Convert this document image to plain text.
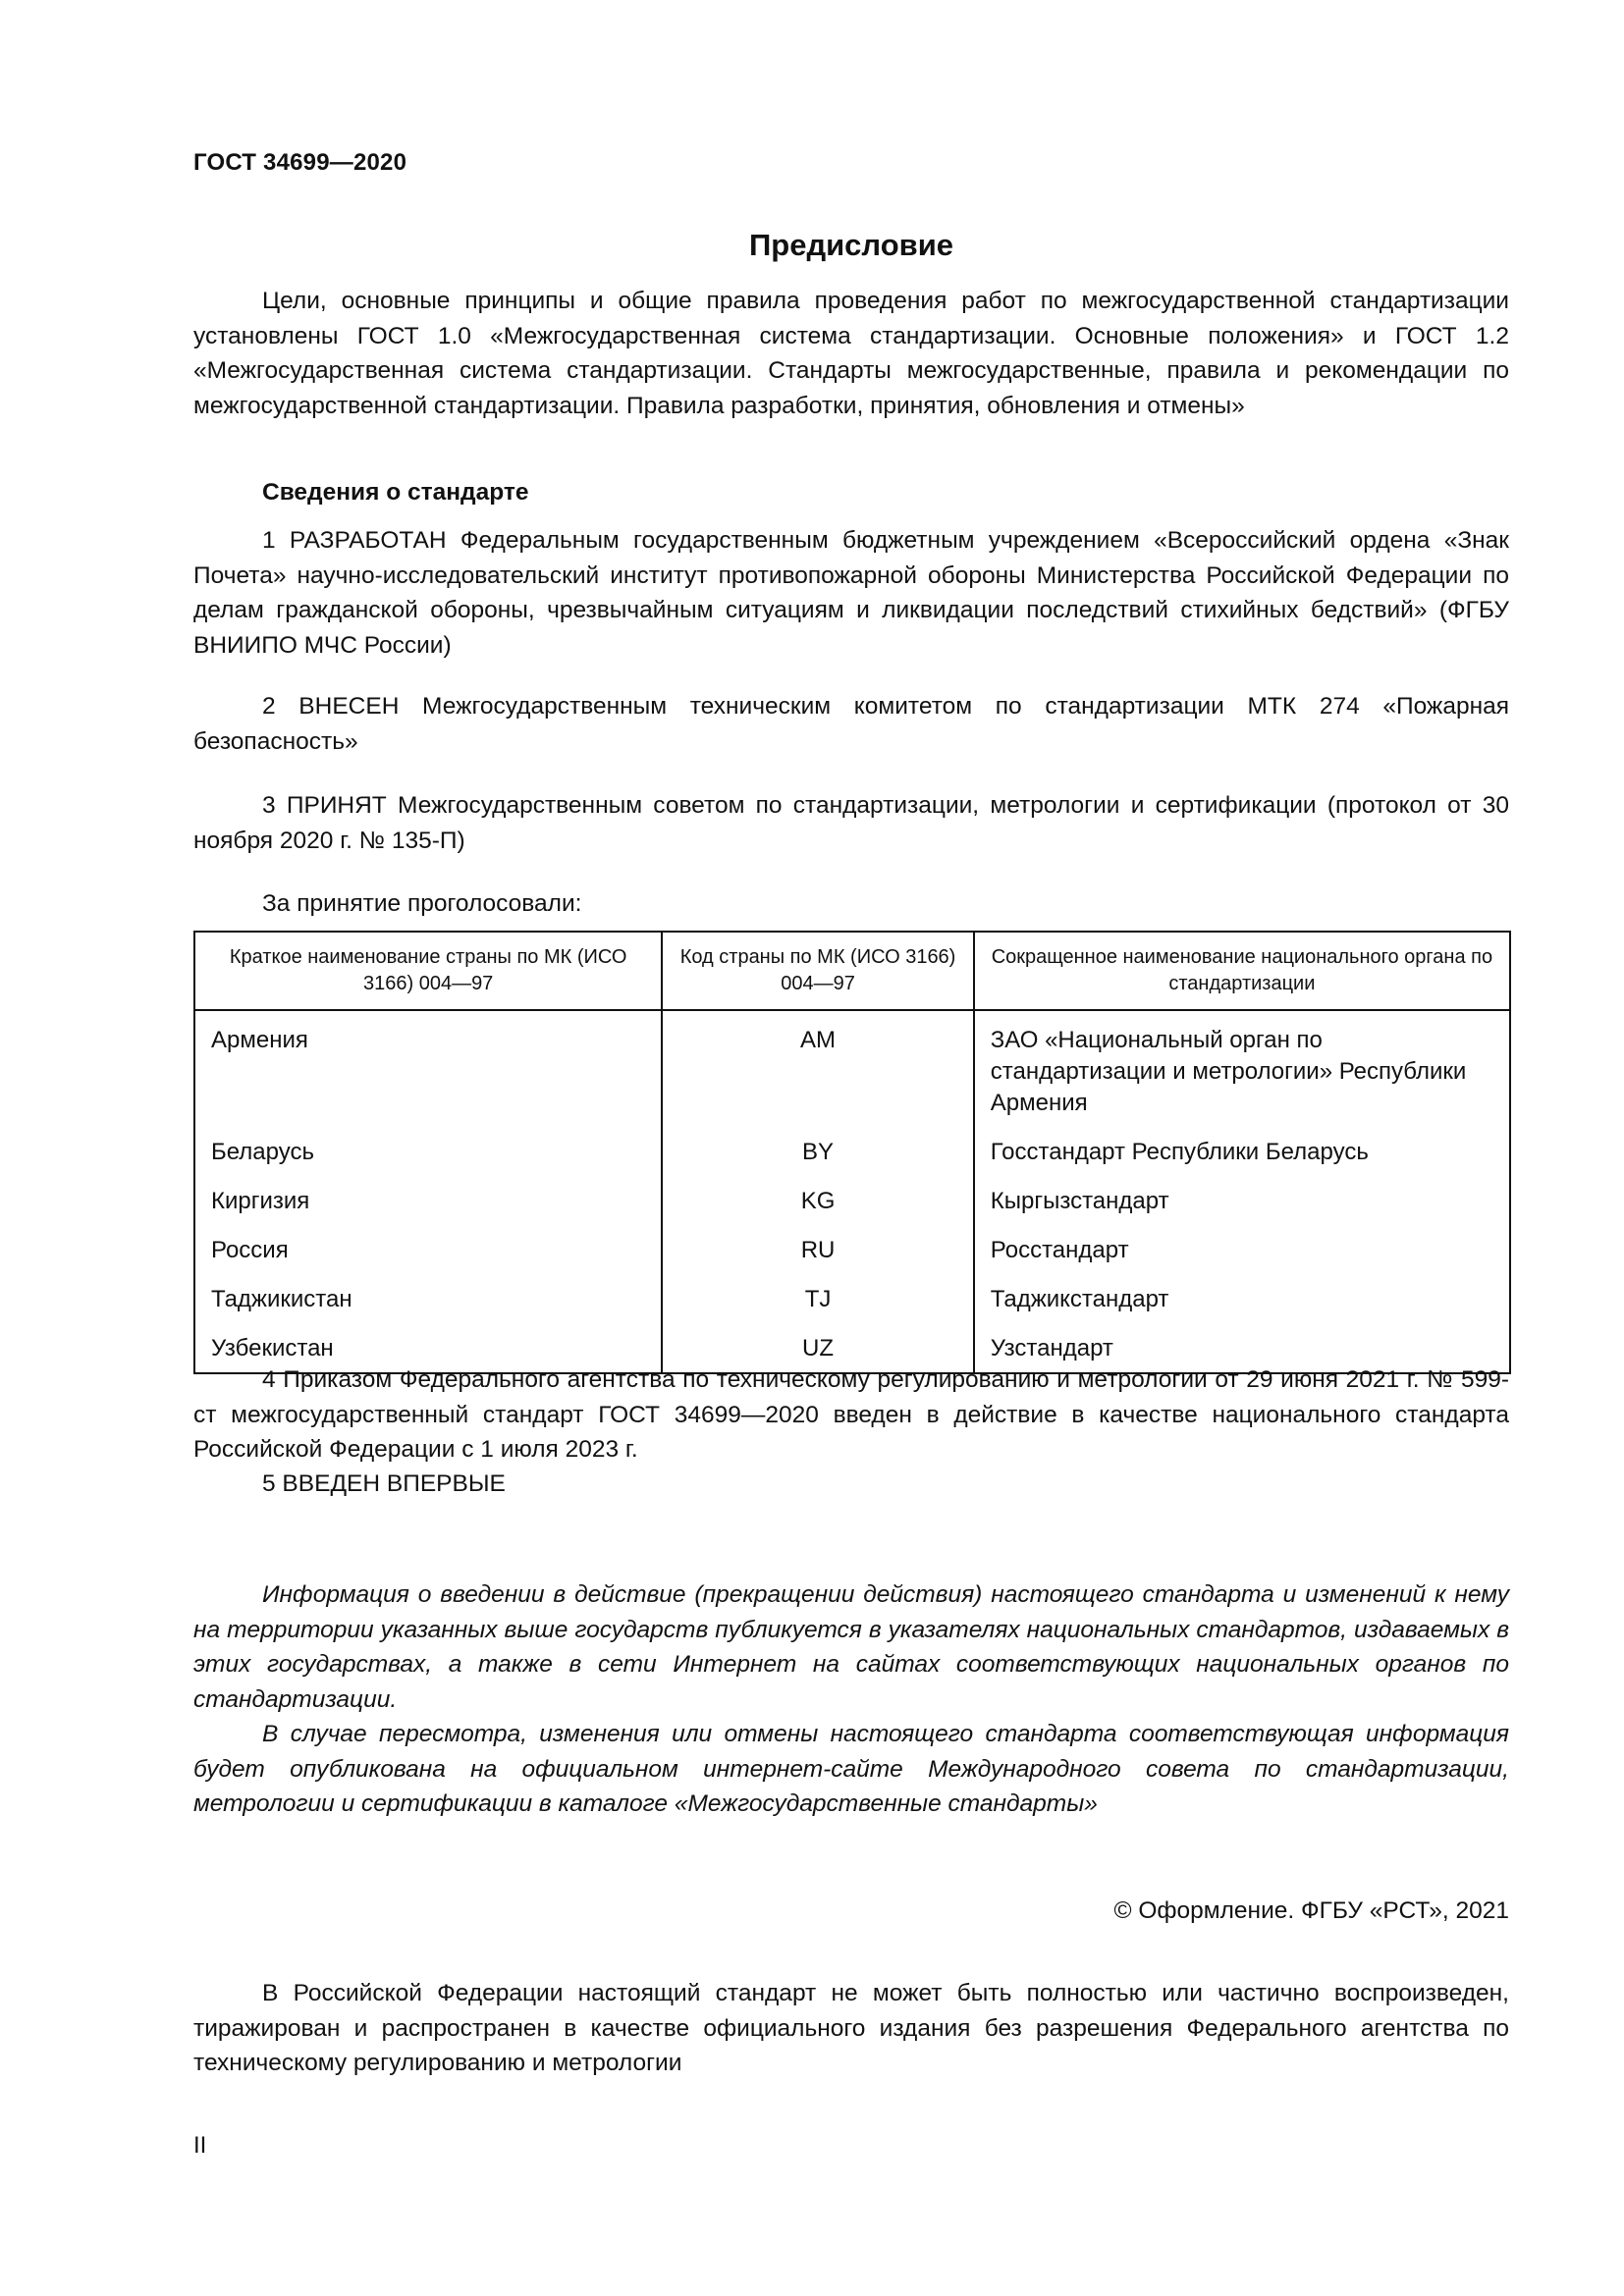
ГОСТ 34699—2020
Предисловие

Цели, основные принципы и общие правила проведения работ по межгосударственной стандартизации установлены ГОСТ 1.0 «Межгосударственная система стандартизации. Основные положения» и ГОСТ 1.2 «Межгосударственная система стандартизации. Стандарты межгосударственные, правила и рекомендации по межгосударственной стандартизации. Правила разработки, принятия, обновления и отмены»

Сведения о стандарте

1 РАЗРАБОТАН Федеральным государственным бюджетным учреждением «Всероссийский ордена «Знак Почета» научно-исследовательский институт противопожарной обороны Министерства Российской Федерации по делам гражданской обороны, чрезвычайным ситуациям и ликвидации последствий стихийных бедствий» (ФГБУ ВНИИПО МЧС России)

2 ВНЕСЕН Межгосударственным техническим комитетом по стандартизации МТК 274 «Пожарная безопасность»

3 ПРИНЯТ Межгосударственным советом по стандартизации, метрологии и сертификации (протокол от 30 ноября 2020 г. № 135-П)

За принятие проголосовали:
Краткое наименование страны по МК (ИСО 3166) 004—97	Код страны по МК (ИСО 3166) 004—97	Сокращенное наименование национального органа по стандартизации
Армения	AM	ЗАО «Национальный орган по стандартизации и метрологии» Республики Армения
Беларусь	BY	Госстандарт Республики Беларусь
Киргизия	KG	Кыргызстандарт
Россия	RU	Росстандарт
Таджикистан	TJ	Таджикстандарт
Узбекистан	UZ	Узстандарт

4 Приказом Федерального агентства по техническому регулированию и метрологии от 29 июня 2021 г. № 599-ст межгосударственный стандарт ГОСТ 34699—2020 введен в действие в качестве национального стандарта Российской Федерации с 1 июля 2023 г.

5 ВВЕДЕН ВПЕРВЫЕ

Информация о введении в действие (прекращении действия) настоящего стандарта и изменений к нему на территории указанных выше государств публикуется в указателях национальных стандартов, издаваемых в этих государствах, а также в сети Интернет на сайтах соответствующих национальных органов по стандартизации.

В случае пересмотра, изменения или отмены настоящего стандарта соответствующая информация будет опубликована на официальном интернет-сайте Международного совета по стандартизации, метрологии и сертификации в каталоге «Межгосударственные стандарты»

© Оформление. ФГБУ «РСТ», 2021

В Российской Федерации настоящий стандарт не может быть полностью или частично воспроизведен, тиражирован и распространен в качестве официального издания без разрешения Федерального агентства по техническому регулированию и метрологии

II
